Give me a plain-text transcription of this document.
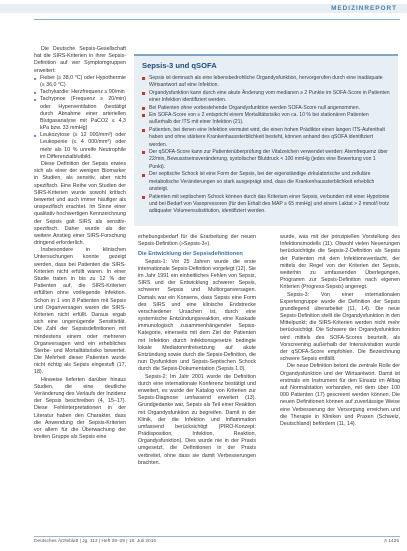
MEDIZINREPORT

Die Deutsche Sepsis-Gesellschaft hat die SIRS-Kriterien in ihrer Sepsis-Definition auf vier Symptomgruppen erweitert:

■ Fieber (≥ 38,0 °C) oder Hypothermie (≤ 36,0 °C)
■ Tachykardie: Herzfrequenz ≥ 90/min
■ Tachypnoe (Frequenz ≥ 20/min) oder Hyperventilation (bestätigt durch Abnahme einer arteriellen Blutgasanalyse mit PaCO2 ≤ 4,3 kPa bzw. 33 mmHg)
■ Leukozytose (≥ 12 000/mm³) oder Leukopenie (≤ 4 000/mm³) oder mehr als 10 % unreife Neutrophile im Differenzialblutbild.

Diese Definition der Sepsis erwies sich als einer der wenigen Biomarker in Studien, als sensitiv, aber nicht spezifisch. Eine Reihe von Studien der SIRS-Kriterien wurde sowohl kritisch bewertet und auch immer häufiger als unspezifisch erachtet. Im Sinne einer qualitativ hochwertigen Kennzeichnung der Sepsis galt SIRS als sensitiv-spezifisch. Daher wurde als der weitere Anstieg einer SIRS-Forschung dringend erforderlich.

Insbesondere in klinischen Untersuchungen konnte gezeigt werden, dass bei Patienten die SIRS-Kriterien nicht erfüllt waren. In einer Studie traten in bis zu 12 % der Patienten auf, die SIRS-Kriterien erfüllten ohne vorliegende Infektion. Schon in 1 von 8 Patienten mit Sepsis und Organversagen waren die SIRS-Kriterien nicht erfüllt. Daraus ergab sich eine ungenügende Sensitivität. Die Zahl der Sepsisdefinitionen mit mindestens einem oder mehreren Organversagen wird ein erhebliches Sterbe- und Mortalitätsrisiko bewertet. Die Mehrheit dieser Patienten wurde nicht richtig als Sepsis eingestuft (17, 18).

Hinweise lieferten darüber hinaus Studien, die eine deutliche Veränderung des Verlaufs der Inzidenz der Sepsis beschreiben (4, 15–17). Diese Fehlinterpretationen in der Literatur haben den Charakter, dass die Anwendung der Sepsis-Kriterien vor allem für die Überwachung der breiten Gruppe als Sepsis eine

Sepsis-3 und qSOFA
Sepsis ist demnach als eine lebensbedrohliche Organdysfunktion, hervorgerufen durch eine inadäquate Wirtsantwort auf eine Infektion.
Organdysfunktion kann durch eine akute Änderung vom medianen ≥ 2 Punkte im SOFA-Score in Patienten einer Infektion identifiziert werden.
Bei Patienten ohne vorbestehende Organdysfunktion werden SOFA-Score null angenommen.
Ein SOFA-Score von ≥ 2 entspricht einem Mortalitätsrisiko von ca. 10 % bei stationären Patienten außerhalb der ITS mit einer Infektion (21).
Patienten, bei denen eine Infektion vermutet wird, die einen hohen Prädiktor einen langen ITS-Aufenthalt haben und ohne stärkere Krankenhaussterblichkeit besteht, können anhand des qSOFA identifiziert werden.
Der qSOFA-Score kann zur Patientenüberprüfung der Vitalzeichen verwendet werden: Atemfrequenz über 22/min, Bewusstseinsveränderung, systolischer Blutdruck < 100 mmHg (jedes eine Bewertung von 1 Punkt).
Der septische Schock ist eine Form der Sepsis, bei der eigenständige zirkulatorische und zelluläre metabolische Veränderungen so stark ausgeprägt sind, dass die Krankenhaussterblichkeit erheblich ansteigt.
Patienten mit septischem Schock können durch das Kriterium einer Sepsis, verbunden mit einer Hypotonie und bei Bedarf von Vasopressoren (für den Erhalt des MAP ≥ 65 mmHg) und einem Laktat > 2 mmol/l trotz adäquater Volumensubstitution, identifiziert werden.

erhebungsbedarf für die Erarbeitung der neuen Sepsis-Definition (»Sepsis-3«).

Die Entwicklung der Sepsisdefinitionen

Sepsis-1: Vor 25 Jahren wurde die erste internationale Sepsis-Definition vorgelegt (12). Sie im Jahr 1991 ein einheitliches Fehlen von Sepsis, SIRS und der Entwicklung schwerer Sepsis, schwerer Sepsis und Multiorganversagen. Damals war ein Konsens, dass Sepsis eine Form des SIRS und eine klinische Endstrecke verschiedener Ursachen ist, durch eine systemische Entzündungsreaktion, eine Kaskade immunologisch zusammenhängender Sepsis-Kategorie, einerseits mit dem Ziel der Patienten mit Infektion durch Infektionsgesetze bedingte lokale Mediatorenfreisetzung auf akute Entzündung sowie durch die Sepsis-Definition, die nun Dysfunktion und Sepsis-Septischen Schock durch die Sepsis-Dokumentation (Sepsis 1.0).

Sepsis-2: Im Jahr 2001 wurde die Definition durch eine internationale Konferenz bestätigt und erweitert, es wurde der Katalog von Kriterien zur Sepsis-Diagnose umfassend erweitert (13). Grundgedanke war, Sepsis als Teil einer Reaktion mit Organdysfunktion zu begreifen. Damit in der Klinik, der die Infektion und Inflammation umfassend berücksichtigt (PIRO-Konzept: Prädisposition, Infektion, Reaktion, Organdysfunktion). Dies wurde nie in der Praxis umgesetzt, die Definitionen in der Praxis verbreitet, ohne dass sie damit Verbesserungen brachten.

wurde, was mit der prinzipiellen Vorstellung des Infektionsmodells (11). Obwohl vielen Neuerungen berücksichtigte die Sepsis-2-Definition als Sepsis der Patienten mit dem Infektionsverdacht, der mittels der Regel von der Kriterien der Sepsis, weiterhin zu umfassenden Überlegungen, Programm zur Sepsis-Definition nach eigenen Kriterien (Progress-Sepsis) angeregt.

Sepsis-3: Von einer internationalen Expertengruppe wurde die Definition der Sepsis grundlegend überarbeitet (11, 14). Die neue Sepsis-Definition stellt die Organdysfunktion in den Mittelpunkt; die SIRS-Kriterien werden nicht mehr berücksichtigt. Die Schwere der Organdysfunktion wird mittels des SOFA-Scores beurteilt, als Vorscreening außerhalb der Intensivstation wurde der qSOFA-Score empfohlen. Die Bezeichnung schwere Sepsis entfällt.

Die neue Definition betont die zentrale Rolle der Organdysfunktion und der Wirtsantwort. Damit ist erstmals ein Instrument für den Einsatz im Alltag auf Normalstation vorhanden, mit dem über 100 000 Patienten (17) gescreent werden können. Die neuen Definitionen können auf zuverlässige Weise eine Verbesserung der Versorgung erreichen und die Therapie in Kliniken und Praxen (Schweiz, Deutschland) befördern (11, 14).

Deutsches Ärzteblatt | Jg. 113 | Heft 28–29 | 18. Juli 2016	A 1425
